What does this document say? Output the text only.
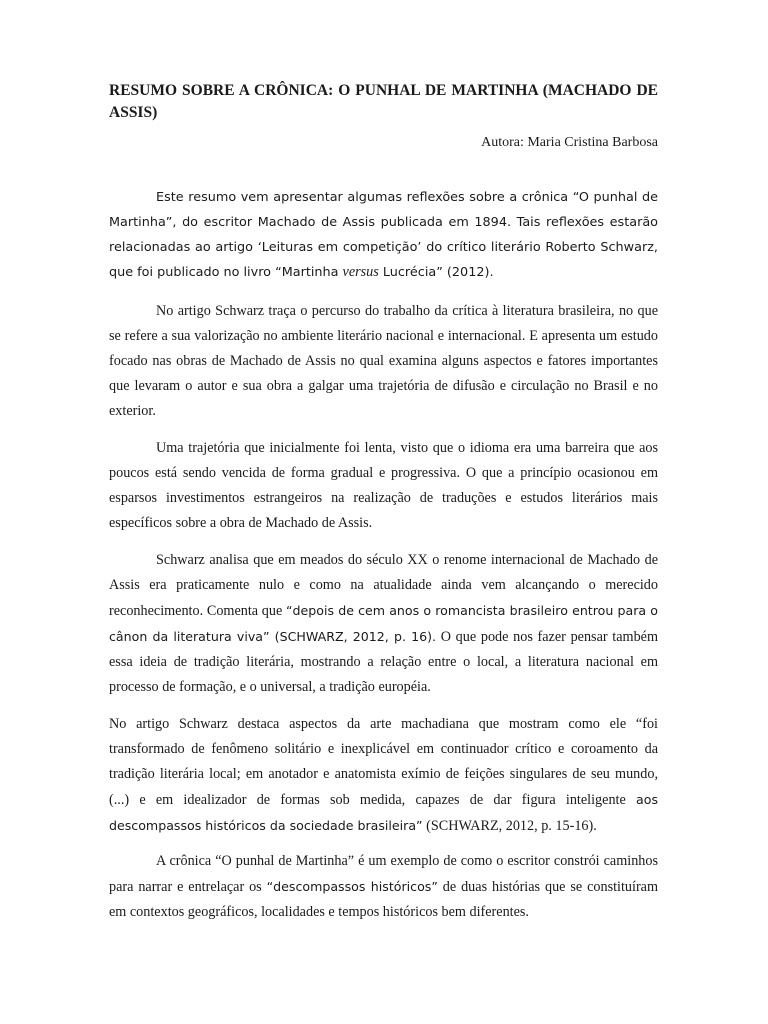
RESUMO SOBRE A CRÔNICA: O PUNHAL DE MARTINHA (MACHADO DE ASSIS)
Autora: Maria Cristina Barbosa

Este resumo vem apresentar algumas reflexões sobre a crônica “O punhal de Martinha”, do escritor Machado de Assis publicada em 1894. Tais reflexões estarão relacionadas ao artigo ‘Leituras em competição’ do crítico literário Roberto Schwarz, que foi publicado no livro “Martinha versus Lucrécia” (2012).

No artigo Schwarz traça o percurso do trabalho da crítica à literatura brasileira, no que se refere a sua valorização no ambiente literário nacional e internacional. E apresenta um estudo focado nas obras de Machado de Assis no qual examina alguns aspectos e fatores importantes que levaram o autor e sua obra a galgar uma trajetória de difusão e circulação no Brasil e no exterior.

Uma trajetória que inicialmente foi lenta, visto que o idioma era uma barreira que aos poucos está sendo vencida de forma gradual e progressiva. O que a princípio ocasionou em esparsos investimentos estrangeiros na realização de traduções e estudos literários mais específicos sobre a obra de Machado de Assis.

Schwarz analisa que em meados do século XX o renome internacional de Machado de Assis era praticamente nulo e como na atualidade ainda vem alcançando o merecido reconhecimento. Comenta que “depois de cem anos o romancista brasileiro entrou para o cânon da literatura viva” (SCHWARZ, 2012, p. 16). O que pode nos fazer pensar também essa ideia de tradição literária, mostrando a relação entre o local, a literatura nacional em processo de formação, e o universal, a tradição européia.

No artigo Schwarz destaca aspectos da arte machadiana que mostram como ele “foi transformado de fenômeno solitário e inexplicável em continuador crítico e coroamento da tradição literária local; em anotador e anatomista exímio de feições singulares de seu mundo, (...) e em idealizador de formas sob medida, capazes de dar figura inteligente aos descompassos históricos da sociedade brasileira” (SCHWARZ, 2012, p. 15-16).

A crônica “O punhal de Martinha” é um exemplo de como o escritor constrói caminhos para narrar e entrelaçar os “descompassos históricos” de duas histórias que se constituíram em contextos geográficos, localidades e tempos históricos bem diferentes.
